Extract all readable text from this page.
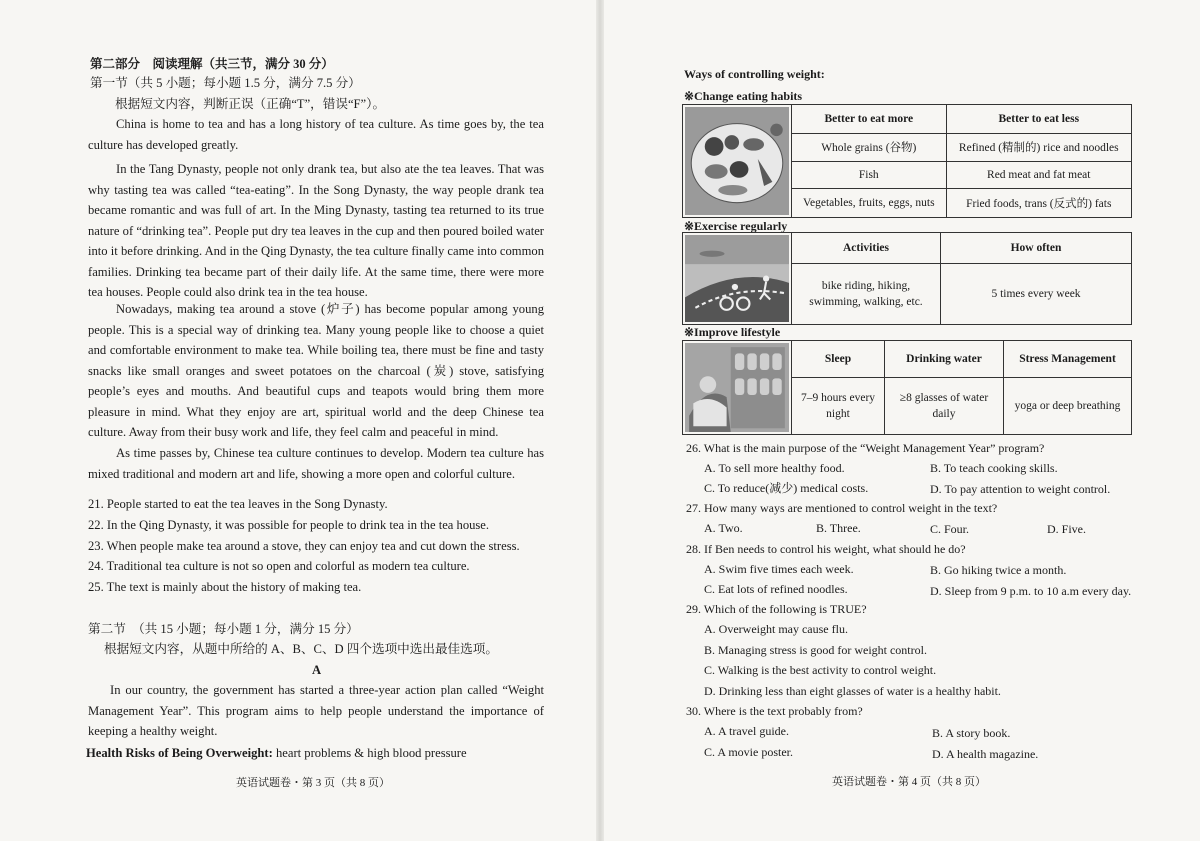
第二部分　阅读理解（共三节，满分 30 分）
第一节（共 5 小题；每小题 1.5 分，满分 7.5 分）
根据短文内容，判断正误（正确“T”，错误“F”）。
China is home to tea and has a long history of tea culture. As time goes by, the tea culture has developed greatly.
In the Tang Dynasty, people not only drank tea, but also ate the tea leaves. That was why tasting tea was called “tea-eating”. In the Song Dynasty, the way people drank tea became romantic and was full of art. In the Ming Dynasty, tasting tea returned to its true nature of “drinking tea”. People put dry tea leaves in the cup and then poured boiled water into it before drinking. And in the Qing Dynasty, the tea culture finally came into common families. Drinking tea became part of their daily life. At the same time, there were more tea houses. People could also drink tea in the tea house.
Nowadays, making tea around a stove (炉子) has become popular among young people. This is a special way of drinking tea. Many young people like to choose a quiet and comfortable environment to make tea. While boiling tea, there must be fine and tasty snacks like small oranges and sweet potatoes on the charcoal (炭) stove, satisfying people’s eyes and mouths. And beautiful cups and teapots would bring them more pleasure in mind. What they enjoy are art, spiritual world and the deep Chinese tea culture. Away from their busy work and life, they feel calm and peaceful in mind.
As time passes by, Chinese tea culture continues to develop. Modern tea culture has mixed traditional and modern art and life, showing a more open and colorful culture.
21. People started to eat the tea leaves in the Song Dynasty.
22. In the Qing Dynasty, it was possible for people to drink tea in the tea house.
23. When people make tea around a stove, they can enjoy tea and cut down the stress.
24. Traditional tea culture is not so open and colorful as modern tea culture.
25. The text is mainly about the history of making tea.
第二节　（共 15 小题；每小题 1 分，满分 15 分）
根据短文内容，从题中所给的 A、B、C、D 四个选项中选出最佳选项。
A
In our country, the government has started a three-year action plan called “Weight Management Year”. This program aims to help people understand the importance of keeping a healthy weight.
Health Risks of Being Overweight: heart problems & high blood pressure
英语试题卷・第 3 页（共 8 页）
Ways of controlling weight:
※Change eating habits
	Better to eat more	Better to eat less
	Whole grains (谷物)	Refined (精制的) rice and noodles
	Fish	Red meat and fat meat
	Vegetables, fruits, eggs, nuts	Fried foods, trans (反式的) fats
※Exercise regularly
	Activities	How often
	bike riding, hiking, swimming, walking, etc.	5 times every week
※Improve lifestyle
	Sleep	Drinking water	Stress Management
	7–9 hours every night	≥8 glasses of water daily	yoga or deep breathing
26. What is the main purpose of the “Weight Management Year” program?
A. To sell more healthy food.	B. To teach cooking skills.
C. To reduce(减少) medical costs.	D. To pay attention to weight control.
27. How many ways are mentioned to control weight in the text?
A. Two.	B. Three.	C. Four.	D. Five.
28. If Ben needs to control his weight, what should he do?
A. Swim five times each week.	B. Go hiking twice a month.
C. Eat lots of refined noodles.	D. Sleep from 9 p.m. to 10 a.m every day.
29. Which of the following is TRUE?
A. Overweight may cause flu.
B. Managing stress is good for weight control.
C. Walking is the best activity to control weight.
D. Drinking less than eight glasses of water is a healthy habit.
30. Where is the text probably from?
A. A travel guide.	B. A story book.
C. A movie poster.	D. A health magazine.
英语试题卷・第 4 页（共 8 页）
